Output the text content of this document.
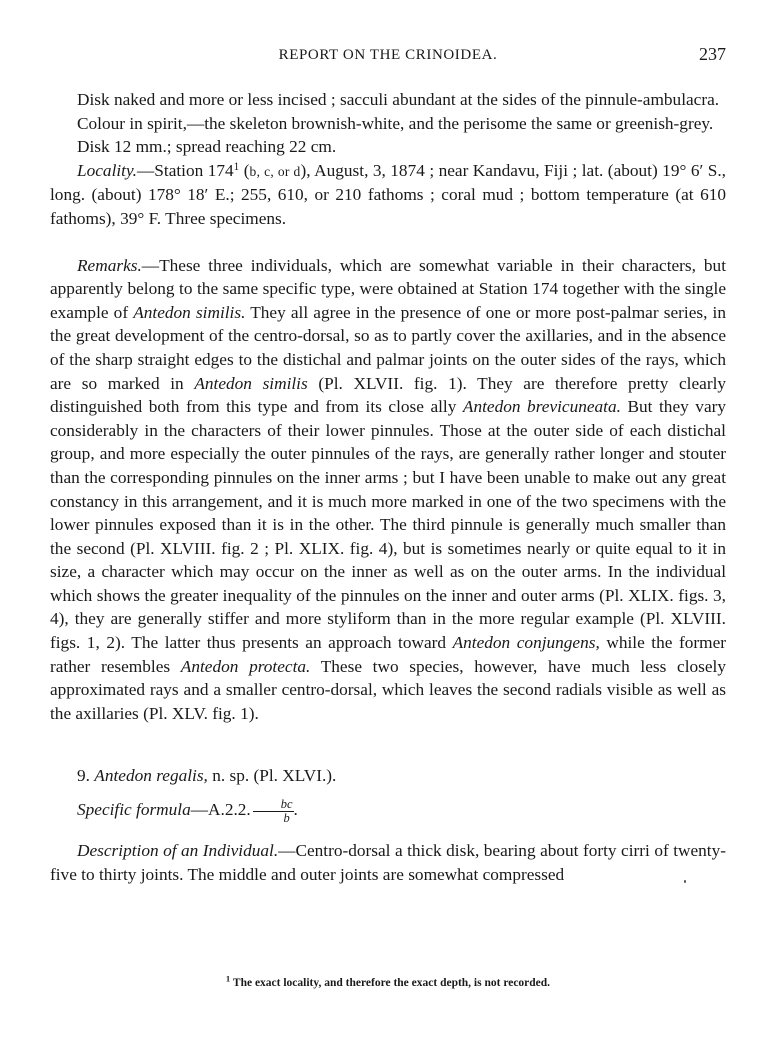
REPORT ON THE CRINOIDEA.	237

Disk naked and more or less incised ; sacculi abundant at the sides of the pinnule-ambulacra.

Colour in spirit,—the skeleton brownish-white, and the perisome the same or greenish-grey.

Disk 12 mm.; spread reaching 22 cm.

Locality.—Station $174^1$ (b, c, or d), August, 3, 1874 ; near Kandavu, Fiji ; lat. (about) 19° 6′ S., long. (about) 178° 18′ E.; 255, 610, or 210 fathoms ; coral mud ; bottom temperature (at 610 fathoms), 39° F. Three specimens.

Remarks.—These three individuals, which are somewhat variable in their characters, but apparently belong to the same specific type, were obtained at Station 174 together with the single example of Antedon similis. They all agree in the presence of one or more post-palmar series, in the great development of the centro-dorsal, so as to partly cover the axillaries, and in the absence of the sharp straight edges to the distichal and palmar joints on the outer sides of the rays, which are so marked in Antedon similis (Pl. XLVII. fig. 1). They are therefore pretty clearly distinguished both from this type and from its close ally Antedon brevicuneata. But they vary considerably in the characters of their lower pinnules. Those at the outer side of each distichal group, and more especially the outer pinnules of the rays, are generally rather longer and stouter than the corresponding pinnules on the inner arms ; but I have been unable to make out any great constancy in this arrangement, and it is much more marked in one of the two specimens with the lower pinnules exposed than it is in the other. The third pinnule is generally much smaller than the second (Pl. XLVIII. fig. 2 ; Pl. XLIX. fig. 4), but is sometimes nearly or quite equal to it in size, a character which may occur on the inner as well as on the outer arms. In the individual which shows the greater inequality of the pinnules on the inner and outer arms (Pl. XLIX. figs. 3, 4), they are generally stiffer and more styliform than in the more regular example (Pl. XLVIII. figs. 1, 2). The latter thus presents an approach toward Antedon conjungens, while the former rather resembles Antedon protecta. These two species, however, have much less closely approximated rays and a smaller centro-dorsal, which leaves the second radials visible as well as the axillaries (Pl. XLV. fig. 1).

9. Antedon regalis, n. sp. (Pl. XLVI.).

Specific formula—A.2.2. $\frac{bc}{b}$ .

Description of an Individual.—Centro-dorsal a thick disk, bearing about forty cirri of twenty-five to thirty joints. The middle and outer joints are somewhat compressed

$^1$ The exact locality, and therefore the exact depth, is not recorded.
